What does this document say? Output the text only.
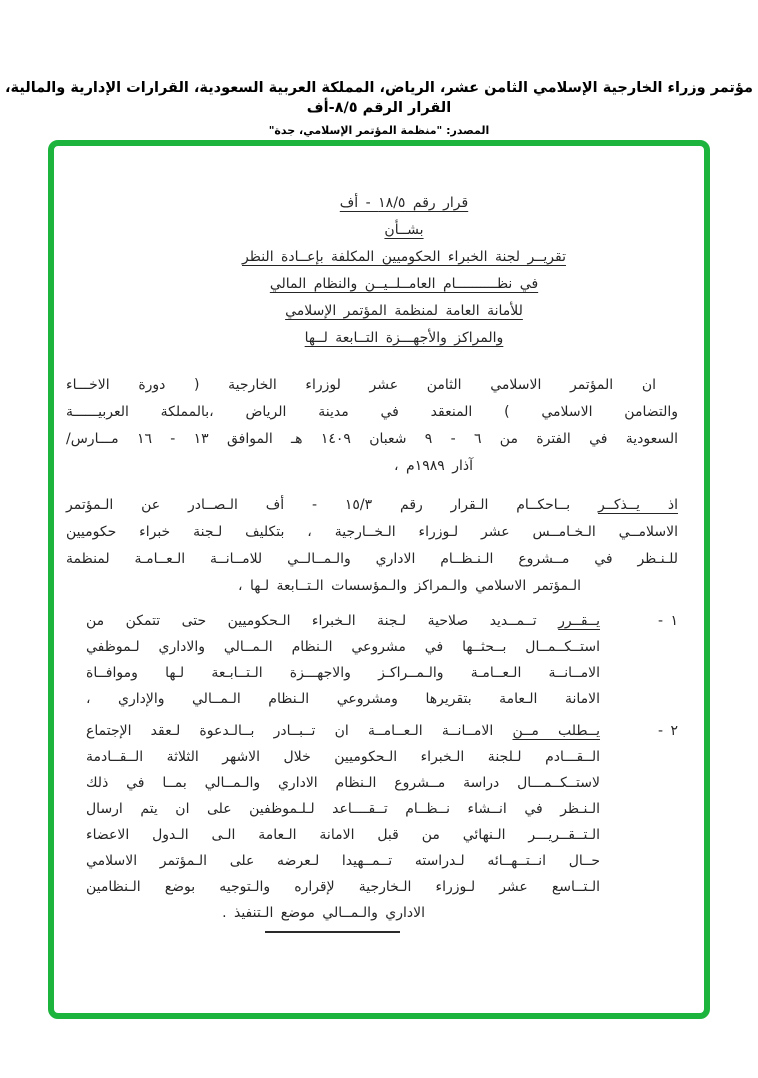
مؤتمر وزراء الخارجية الإسلامي الثامن عشر، الرياض، المملكة العربية السعودية، القرارات الإدارية والمالية، القرار الرقم ٨/٥-أف
المصدر: "منظمة المؤتمر الإسلامي، جدة"
قرار رقم ١٨/٥ - أف
بشــأن
تقريــر لجنة الخبراء الحكوميين المكلفة بإعــادة النظر
في نظــــــــــام العامــلــيــن والنظام المالي
للأمانة العامة لمنظمة المؤتمر الإسلامي
والمراكز والأجهـــزة التــابعة لــها
ان المؤتمر الاسلامي الثامن عشر لوزراء الخارجية ( دورة الاخـــاء
والتضامن الاسلامي ) المنعقد في مدينة الرياض ،بالمملكة العربيــــــة
السعودية في الفترة من ٦ - ٩ شعبان ١٤٠٩ هـ الموافق ١٣ - ١٦ مـــارس/
آذار ١٩٨٩م ،
اذ يــذكــر بــاحكــام الـقرار رقم ١٥/٣ - أف الـصــادر عن الـمؤتمر
الاسلامــي الـخـامــس عشر لـوزراء الـخــارجية ، بتكليف لـجنة خبراء حكوميين
للـنـظر في مــشروع الـنـظــام الاداري والـمــالــي للامــانــة الـعــامـة لمنظمة
الـمؤتمر الاسلامي والـمراكز والـمؤسسات الـتــابعة لـها ،
١ -
يــقــرر تــمــديد صلاحية لـجنة الـخبراء الـحكوميين حتى تتمكن من
استــكــمــال بــحثــها في مشروعي الـنظام الـمــالي والاداري لـموظفي
الامــانــة الـعــامـة والـمــراكـز والاجهـــزة الـتــابـعة لـها وموافــاة
الامانة الـعامة بتقريرها ومشروعي الـنظام الـمــالي والإداري ،
٢ -
يــطلب مــن الامــانــة الـعــامــة ان تــبــادر بــالـدعوة لـعقد الإجتماع
الــقـــادم لـلجنة الـخبراء الـحكوميين خلال الاشهر الثلاثة الــقــادمة
لاستــكــمـــال دراسة مــشروع الـنظام الاداري والـمــالي بمــا في ذلك
الـنـظر في انــشاء نــظــام تــقــــاعد لـلـموظفين على ان يتم ارسال
الـتــقــريـــر الـنهائي من قبل الامانة الـعامة الـى الـدول الاعضاء
حــال انــتــهــائه لـدراسته تــمــهيدا لـعرضه على الـمؤتمر الاسلامي
الـتــاسع عشر لـوزراء الـخارجية لإقراره والـتوجيه بوضع الـنظامين
الاداري والـمــالي موضع الـتنفيذ .
